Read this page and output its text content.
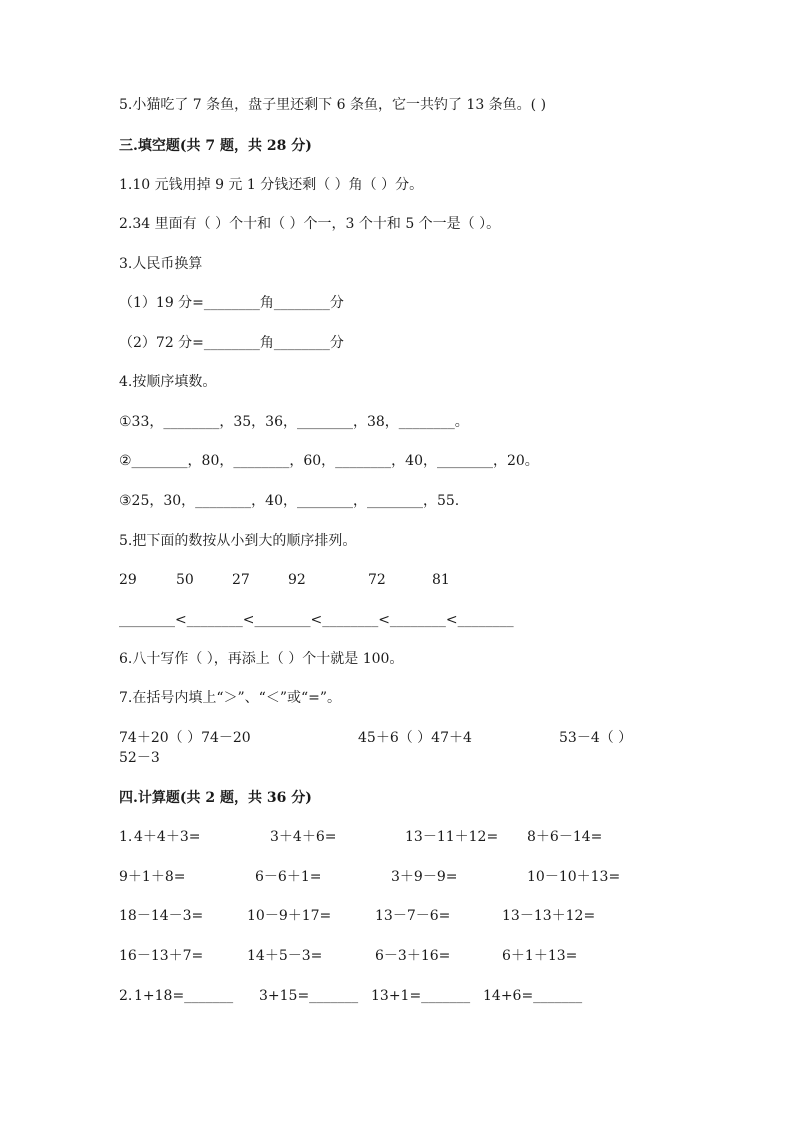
5.小猫吃了 7 条鱼，盘子里还剩下 6 条鱼，它一共钓了 13 条鱼。( )
三.填空题(共 7 题，共 28 分)
1.10 元钱用掉 9 元 1 分钱还剩（ ）角（ ）分。
2.34 里面有（ ）个十和（ ）个一，3 个十和 5 个一是（ ）。
3.人民币换算
（1）19 分=________角________分
（2）72 分=________角________分
4.按顺序填数。
①33，________，35，36，________，38，________。
②________，80，________，60，________，40，________，20。
③25，30，________，40，________，________，55.
5.把下面的数按从小到大的顺序排列。
29	50	27	92	72	81
________<________<________<________<________<________
6.八十写作（ ），再添上（ ）个十就是 100。
7.在括号内填上“＞”、“＜”或“=”。
74＋20（ ）74－20	45＋6（ ）47＋4	53－4（ ）
52－3
四.计算题(共 2 题，共 36 分)
1. 4＋4＋3=	3＋4＋6=	13－11＋12= 8＋6－14=
9＋1＋8=	6－6＋1=	3＋9－9=	10－10＋13=
18－14－3=	10－9＋17=	13－7－6=	13－13＋12=
16－13＋7=	14＋5－3=	6－3＋16=	6＋1＋13=
2. 1+18=_______ 3+15=_______ 13+1=_______ 14+6=_______
